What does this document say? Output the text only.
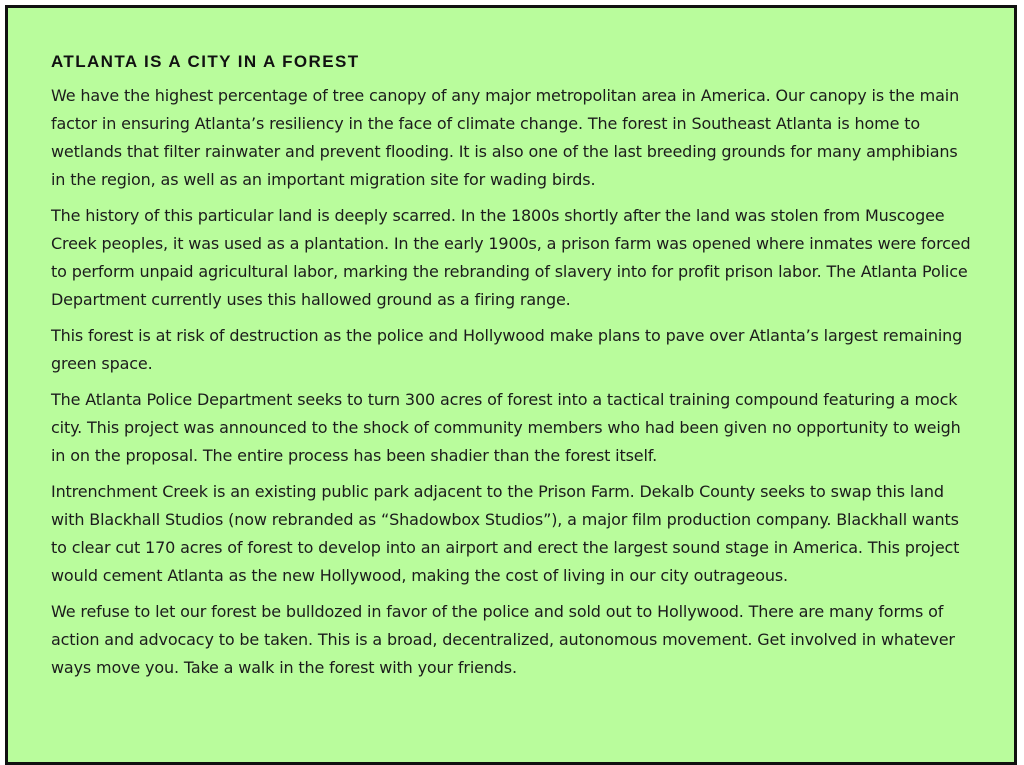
ATLANTA IS A CITY IN A FOREST

We have the highest percentage of tree canopy of any major metropolitan area in America. Our canopy is the main factor in ensuring Atlanta’s resiliency in the face of climate change. The forest in Southeast Atlanta is home to wetlands that filter rainwater and prevent flooding. It is also one of the last breeding grounds for many amphibians in the region, as well as an important migration site for wading birds.

The history of this particular land is deeply scarred. In the 1800s shortly after the land was stolen from Muscogee Creek peoples, it was used as a plantation. In the early 1900s, a prison farm was opened where inmates were forced to perform unpaid agricultural labor, marking the rebranding of slavery into for profit prison labor. The Atlanta Police Department currently uses this hallowed ground as a firing range.

This forest is at risk of destruction as the police and Hollywood make plans to pave over Atlanta’s largest remaining green space.

The Atlanta Police Department seeks to turn 300 acres of forest into a tactical training compound featuring a mock city. This project was announced to the shock of community members who had been given no opportunity to weigh in on the proposal. The entire process has been shadier than the forest itself.

Intrenchment Creek is an existing public park adjacent to the Prison Farm. Dekalb County seeks to swap this land with Blackhall Studios (now rebranded as “Shadowbox Studios”), a major film production company. Blackhall wants to clear cut 170 acres of forest to develop into an airport and erect the largest sound stage in America. This project would cement Atlanta as the new Hollywood, making the cost of living in our city outrageous.

We refuse to let our forest be bulldozed in favor of the police and sold out to Hollywood. There are many forms of action and advocacy to be taken. This is a broad, decentralized, autonomous movement. Get involved in whatever ways move you. Take a walk in the forest with your friends.
